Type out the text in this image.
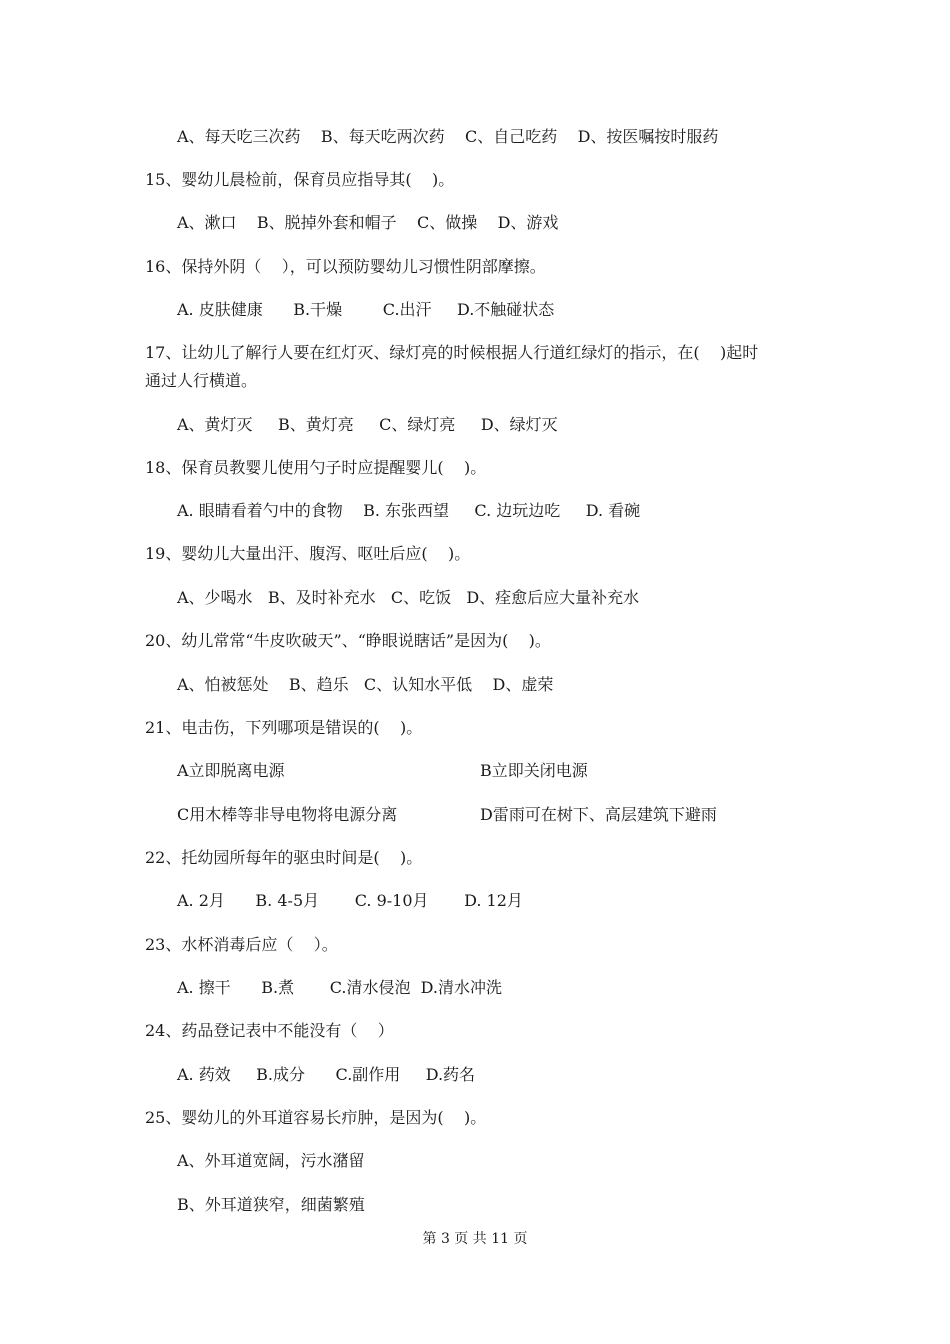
A、每天吃三次药    B、每天吃两次药    C、自己吃药    D、按医嘱按时服药
15、婴幼儿晨检前，保育员应指导其(    )。
A、漱口    B、脱掉外套和帽子    C、做操    D、游戏
16、保持外阴（    ），可以预防婴幼儿习惯性阴部摩擦。
A. 皮肤健康      B.干燥        C.出汗     D.不触碰状态
17、让幼儿了解行人要在红灯灭、绿灯亮的时候根据人行道红绿灯的指示，在(    )起时
通过人行横道。
A、黄灯灭     B、黄灯亮     C、绿灯亮     D、绿灯灭
18、保育员教婴儿使用勺子时应提醒婴儿(    )。
A. 眼睛看着勺中的食物    B. 东张西望     C. 边玩边吃     D. 看碗
19、婴幼儿大量出汗、腹泻、呕吐后应(    )。
A、少喝水   B、及时补充水   C、吃饭   D、痊愈后应大量补充水
20、幼儿常常“牛皮吹破天”、“睁眼说瞎话”是因为(    )。
A、怕被惩处    B、趋乐   C、认知水平低    D、虚荣
21、电击伤，下列哪项是错误的(    )。
A立即脱离电源	B立即关闭电源
C用木棒等非导电物将电源分离	D雷雨可在树下、高层建筑下避雨
22、托幼园所每年的驱虫时间是(    )。
A. 2月      B. 4-5月       C. 9-10月       D. 12月
23、水杯消毒后应（    ）。
A. 擦干      B.煮       C.清水侵泡  D.清水冲洗
24、药品登记表中不能没有（    ）
A. 药效     B.成分      C.副作用     D.药名
25、婴幼儿的外耳道容易长疖肿，是因为(    )。
A、外耳道宽阔，污水潴留
B、外耳道狭窄，细菌繁殖
第 3 页 共 11 页
